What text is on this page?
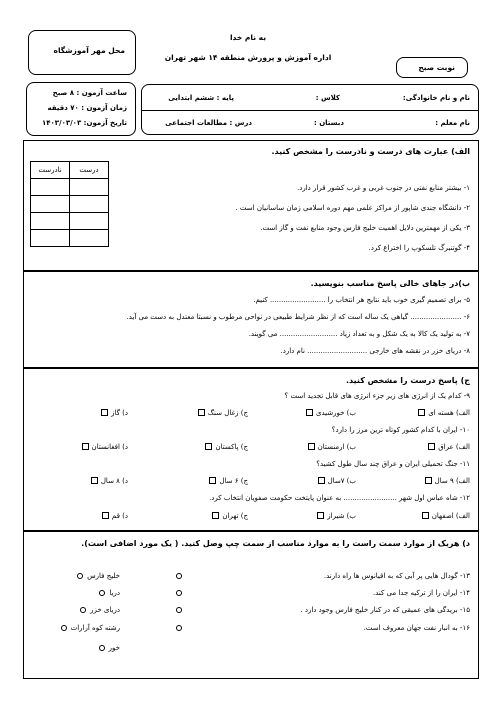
به نام خدا
اداره آموزش و پرورش منطقه ۱۴ شهر تهران
محل مهر آموزشگاه
نوبت صبح
ساعت آزمون : ۸ صبح
زمان آزمون : ۷۰ دقیقه
تاریخ آزمون: ۱۴۰۳/۰۳/۰۳
نام و نام خانوادگی:
کلاس :
پایه : ششم ابتدایی
نام معلم :
دبستان :
درس : مطالعات اجتماعی
الف) عبارت های درست و نادرست را مشخص کنید.
نادرست	درست

۱- بیشتر منابع نفتی در جنوب غربی و غرب کشور قرار دارد.
۲- دانشگاه جندی شاپور از مراکز علمی مهم دوره اسلامی زمان ساسانیان است .
۳- یکی از مهمترین دلایل اهمیت خلیج فارس وجود منابع نفت و گاز است.
۴- گوتنبرگ تلسکوپ را اختراع کرد.
ب)در جاهای خالی پاسخ مناسب بنویسید.
۵- برای تصمیم گیری خوب باید نتایج هر انتخاب را ......................... کنیم.
۶- ....................... گیاهی یک ساله است که از نظر شرایط طبیعی در نواحی مرطوب و نسبتا معتدل به دست می آید.
۷- به تولید یک کالا به یک شکل و به تعداد زیاد .......................... می گویند.
۸- دریای خزر در نقشه های خارجی ........................... نام دارد.
ج) پاسخ درست را مشخص کنید.
۹- کدام یک از انرژی های زیر جزء انرژی های قابل تجدید است ؟
الف) هسته ای
ب) خورشیدی
ج) زغال سنگ
د) گاز
۱۰- ایران با کدام کشور کوتاه ترین مرز را دارد؟
الف) عراق
ب) ارمنستان
ج) پاکستان
د) افغانستان
۱۱- جنگ تحمیلی ایران و عراق چند سال طول کشید؟
الف) ۹ سال
ب) ۷سال
ج) ۶ سال
د) ۸ سال
۱۲- شاه عباس اول شهر ........................ به عنوان پایتخت حکومت صفویان انتخاب کرد.
الف) اصفهان
ب) شیراز
ج) تهران
د) قم
د) هریک از موارد سمت راست را به موارد مناسب از سمت چپ وصل کنید. ( یک مورد اضافی است).
۱۳- گودال هایی پر آبی که به اقیانوس ها راه دارند.
۱۴- ایران را از ترکیه جدا می کند.
۱۵- بریدگی های عمیقی که در کنار خلیج فارس وجود دارد .
۱۶- به انبار نفت جهان معروف است.
خلیج فارس
دریا
دریای خزر
رشته کوه آرارات
خور
